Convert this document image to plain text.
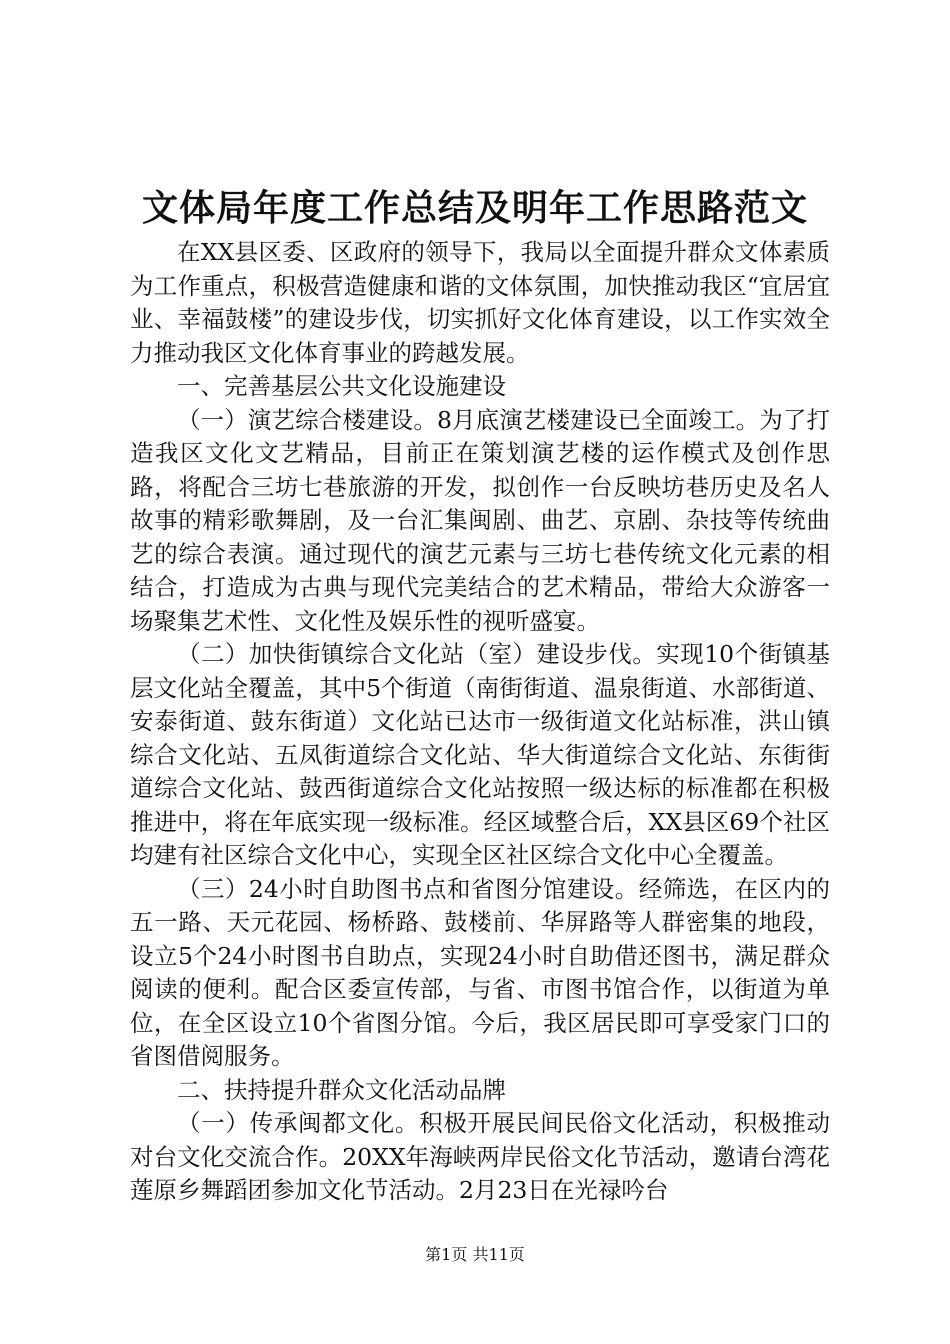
文体局年度工作总结及明年工作思路范文

在XX县区委、区政府的领导下，我局以全面提升群众文体素质为工作重点，积极营造健康和谐的文体氛围，加快推动我区“宜居宜业、幸福鼓楼”的建设步伐，切实抓好文化体育建设，以工作实效全力推动我区文化体育事业的跨越发展。

一、完善基层公共文化设施建设

（一）演艺综合楼建设。8月底演艺楼建设已全面竣工。为了打造我区文化文艺精品，目前正在策划演艺楼的运作模式及创作思路，将配合三坊七巷旅游的开发，拟创作一台反映坊巷历史及名人故事的精彩歌舞剧，及一台汇集闽剧、曲艺、京剧、杂技等传统曲艺的综合表演。通过现代的演艺元素与三坊七巷传统文化元素的相结合，打造成为古典与现代完美结合的艺术精品，带给大众游客一场聚集艺术性、文化性及娱乐性的视听盛宴。

（二）加快街镇综合文化站（室）建设步伐。实现10个街镇基层文化站全覆盖，其中5个街道（南街街道、温泉街道、水部街道、安泰街道、鼓东街道）文化站已达市一级街道文化站标准，洪山镇综合文化站、五凤街道综合文化站、华大街道综合文化站、东街街道综合文化站、鼓西街道综合文化站按照一级达标的标准都在积极推进中，将在年底实现一级标准。经区域整合后，XX县区69个社区均建有社区综合文化中心，实现全区社区综合文化中心全覆盖。

（三）24小时自助图书点和省图分馆建设。经筛选，在区内的五一路、天元花园、杨桥路、鼓楼前、华屏路等人群密集的地段，设立5个24小时图书自助点，实现24小时自助借还图书，满足群众阅读的便利。配合区委宣传部，与省、市图书馆合作，以街道为单位，在全区设立10个省图分馆。今后，我区居民即可享受家门口的省图借阅服务。

二、扶持提升群众文化活动品牌

（一）传承闽都文化。积极开展民间民俗文化活动，积极推动对台文化交流合作。20XX年海峡两岸民俗文化节活动，邀请台湾花莲原乡舞蹈团参加文化节活动。2月23日在光禄吟台

第1页 共11页
